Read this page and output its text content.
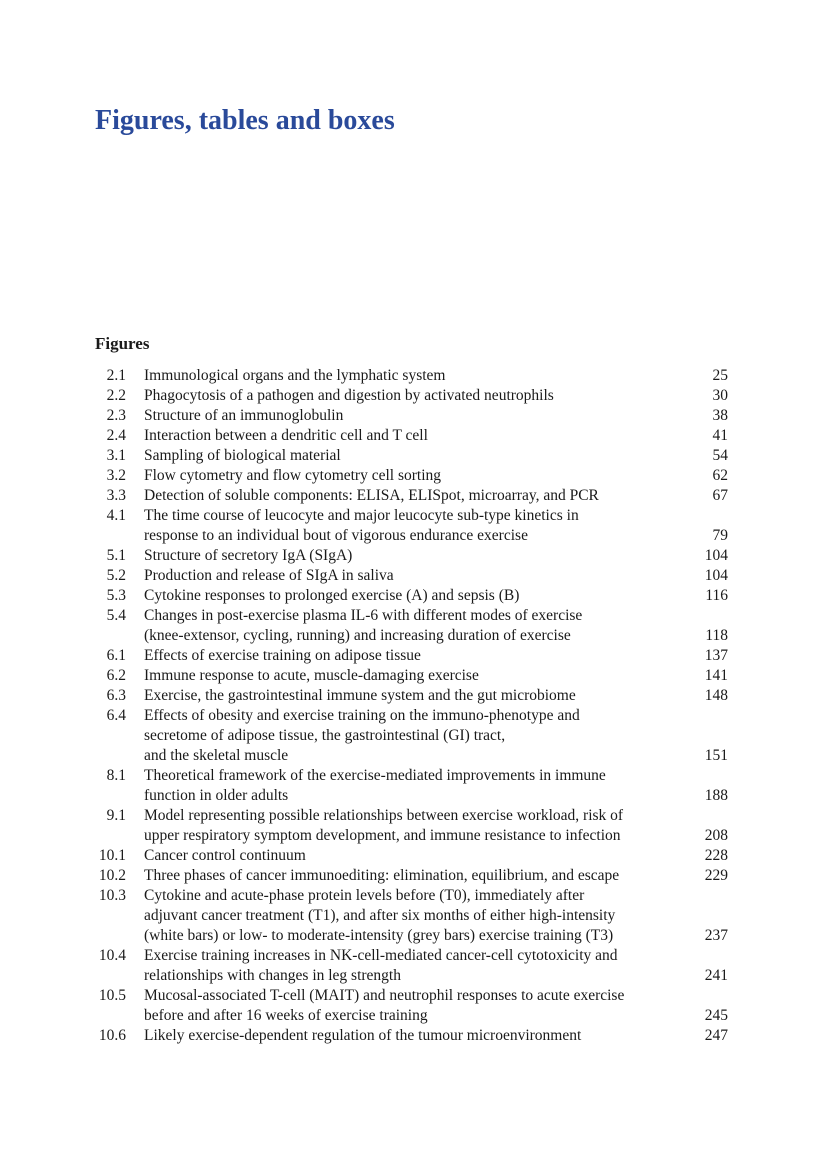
Figures, tables and boxes
Figures
2.1 Immunological organs and the lymphatic system	25
2.2 Phagocytosis of a pathogen and digestion by activated neutrophils	30
2.3 Structure of an immunoglobulin	38
2.4 Interaction between a dendritic cell and T cell	41
3.1 Sampling of biological material	54
3.2 Flow cytometry and flow cytometry cell sorting	62
3.3 Detection of soluble components: ELISA, ELISpot, microarray, and PCR	67
4.1 The time course of leucocyte and major leucocyte sub-type kinetics in
response to an individual bout of vigorous endurance exercise	79
5.1 Structure of secretory IgA (SIgA)	104
5.2 Production and release of SIgA in saliva	104
5.3 Cytokine responses to prolonged exercise (A) and sepsis (B)	116
5.4 Changes in post-exercise plasma IL-6 with different modes of exercise
(knee-extensor, cycling, running) and increasing duration of exercise	118
6.1 Effects of exercise training on adipose tissue	137
6.2 Immune response to acute, muscle-damaging exercise	141
6.3 Exercise, the gastrointestinal immune system and the gut microbiome	148
6.4 Effects of obesity and exercise training on the immuno-phenotype and
secretome of adipose tissue, the gastrointestinal (GI) tract,
and the skeletal muscle	151
8.1 Theoretical framework of the exercise-mediated improvements in immune
function in older adults	188
9.1 Model representing possible relationships between exercise workload, risk of
upper respiratory symptom development, and immune resistance to infection	208
10.1 Cancer control continuum	228
10.2 Three phases of cancer immunoediting: elimination, equilibrium, and escape	229
10.3 Cytokine and acute-phase protein levels before (T0), immediately after
adjuvant cancer treatment (T1), and after six months of either high-intensity
(white bars) or low- to moderate-intensity (grey bars) exercise training (T3)	237
10.4 Exercise training increases in NK-cell-mediated cancer-cell cytotoxicity and
relationships with changes in leg strength	241
10.5 Mucosal-associated T-cell (MAIT) and neutrophil responses to acute exercise
before and after 16 weeks of exercise training	245
10.6 Likely exercise-dependent regulation of the tumour microenvironment	247
